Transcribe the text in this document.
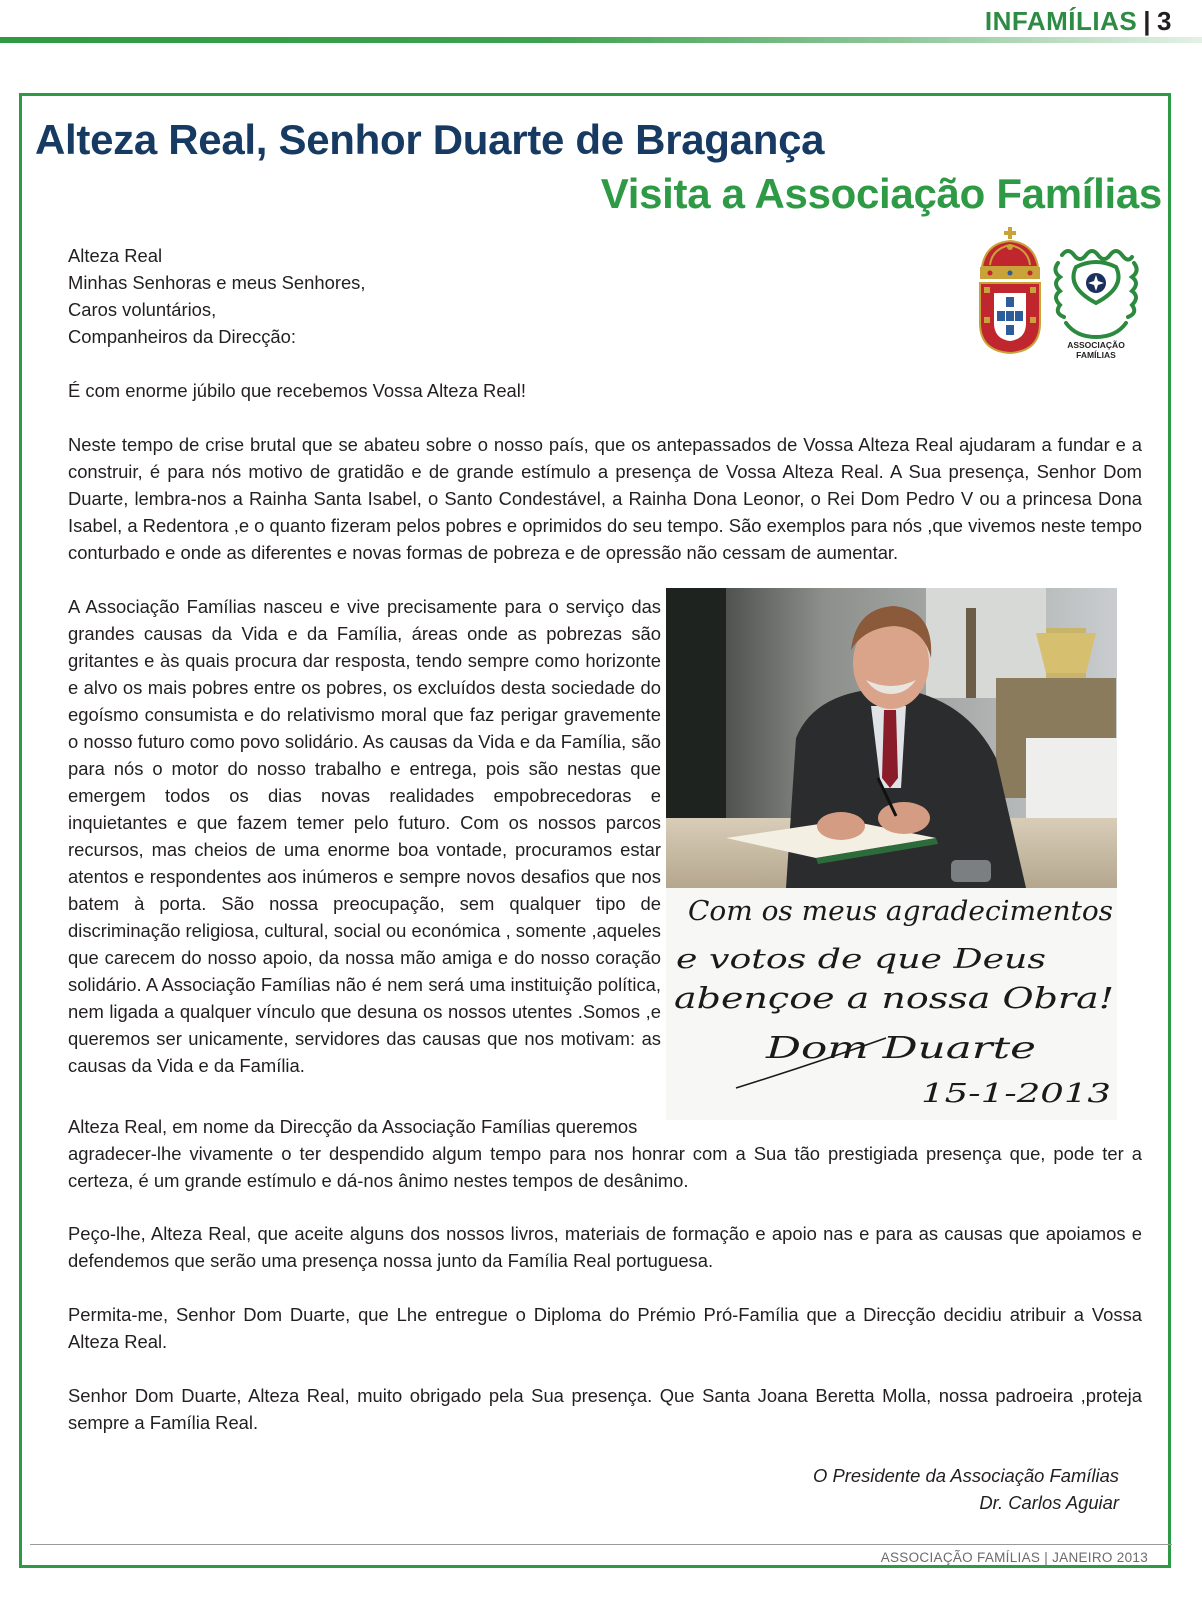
INFAMÍLIAS | 3
Alteza Real, Senhor Duarte de Bragança
Visita a Associação Famílias
ASSOCIAÇÃO
FAMÍLIAS

Alteza Real

Minhas Senhoras e meus Senhores,

Caros voluntários,

Companheiros da Direcção:

É com enorme júbilo que recebemos Vossa Alteza Real!
Neste tempo de crise brutal que se abateu sobre o nosso país, que os antepassados de Vossa Alteza Real ajudaram a fundar e a construir, é para nós motivo de gratidão e de grande estímulo a presença de Vossa Alteza Real. A Sua presença, Senhor Dom Duarte, lembra-nos a Rainha Santa Isabel, o Santo Condestável, a Rainha Dona Leonor, o Rei Dom Pedro V ou a princesa Dona Isabel, a Redentora ,e o quanto fizeram pelos pobres e oprimidos do seu tempo. São exemplos para nós ,que vivemos neste tempo conturbado e onde as diferentes e novas formas de pobreza e de opressão não cessam de aumentar.
A Associação Famílias nasceu e vive precisamente para o serviço das grandes causas da Vida e da Família, áreas onde as pobrezas são gritantes e às quais procura dar resposta, tendo sempre como horizonte e alvo os mais pobres entre os pobres, os excluídos desta sociedade do egoísmo consumista e do relativismo moral que faz perigar gravemente o nosso futuro como povo solidário. As causas da Vida e da Família, são para nós o motor do nosso trabalho e entrega, pois são nestas que emergem todos os dias novas realidades empobrecedoras e inquietantes e que fazem temer pelo futuro. Com os nossos parcos recursos, mas cheios de uma enorme boa vontade, procuramos estar atentos e respondentes aos inúmeros e sempre novos desafios que nos batem à porta. São nossa preocupação, sem qualquer tipo de discriminação religiosa, cultural, social ou económica , somente ,aqueles que carecem do nosso apoio, da nossa mão amiga e do nosso coração solidário. A Associação Famílias não é nem será uma instituição política, nem ligada a qualquer vínculo que desuna os nossos utentes .Somos ,e queremos ser unicamente, servidores das causas que nos motivam: as causas da Vida e da Família.
Com os meus agradecimentos
e votos de que Deus
abençoe a nossa Obra!
Dom Duarte
15-1-2013
Alteza Real, em nome da Direcção da Associação Famílias queremos
agradecer-lhe vivamente o ter despendido algum tempo para nos honrar com a Sua tão prestigiada presença que, pode ter a certeza, é um grande estímulo e dá-nos ânimo nestes tempos de desânimo.
Peço-lhe, Alteza Real, que aceite alguns dos nossos livros, materiais de formação e apoio nas e para as causas que apoiamos e defendemos que serão uma presença nossa junto da Família Real portuguesa.
Permita-me, Senhor Dom Duarte, que Lhe entregue o Diploma do Prémio Pró-Família que a Direcção decidiu atribuir a Vossa Alteza Real.
Senhor Dom Duarte, Alteza Real, muito obrigado pela Sua presença. Que Santa Joana Beretta Molla, nossa padroeira ,proteja sempre a Família Real.
O Presidente da Associação Famílias
Dr. Carlos Aguiar
ASSOCIAÇÃO FAMÍLIAS | JANEIRO 2013
